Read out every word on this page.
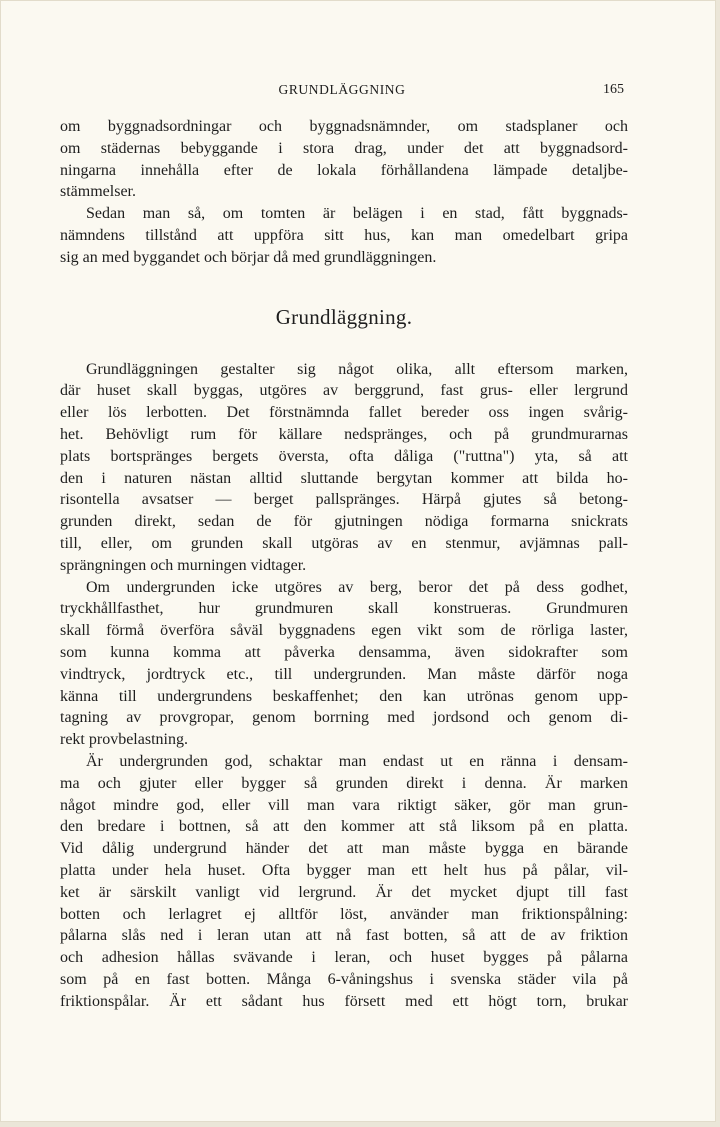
GRUNDLÄGGNING	165
om byggnadsordningar och byggnadsnämnder, om stadsplaner och
om städernas bebyggande i stora drag, under det att byggnadsord-
ningarna innehålla efter de lokala förhållandena lämpade detaljbe-
stämmelser.
Sedan man så, om tomten är belägen i en stad, fått byggnads-
nämndens tillstånd att uppföra sitt hus, kan man omedelbart gripa
sig an med byggandet och börjar då med grundläggningen.
Grundläggning.
Grundläggningen gestalter sig något olika, allt eftersom marken,
där huset skall byggas, utgöres av berggrund, fast grus- eller lergrund
eller lös lerbotten. Det förstnämnda fallet bereder oss ingen svårig-
het. Behövligt rum för källare nedspränges, och på grundmurarnas
plats bortspränges bergets översta, ofta dåliga ("ruttna") yta, så att
den i naturen nästan alltid sluttande bergytan kommer att bilda ho-
risontella avsatser — berget pallspränges. Härpå gjutes så betong-
grunden direkt, sedan de för gjutningen nödiga formarna snickrats
till, eller, om grunden skall utgöras av en stenmur, avjämnas pall-
sprängningen och murningen vidtager.
Om undergrunden icke utgöres av berg, beror det på dess godhet,
tryckhållfasthet, hur grundmuren skall konstrueras. Grundmuren
skall förmå överföra såväl byggnadens egen vikt som de rörliga laster,
som kunna komma att påverka densamma, även sidokrafter som
vindtryck, jordtryck etc., till undergrunden. Man måste därför noga
känna till undergrundens beskaffenhet; den kan utrönas genom upp-
tagning av provgropar, genom borrning med jordsond och genom di-
rekt provbelastning.
Är undergrunden god, schaktar man endast ut en ränna i densam-
ma och gjuter eller bygger så grunden direkt i denna. Är marken
något mindre god, eller vill man vara riktigt säker, gör man grun-
den bredare i bottnen, så att den kommer att stå liksom på en platta.
Vid dålig undergrund händer det att man måste bygga en bärande
platta under hela huset. Ofta bygger man ett helt hus på pålar, vil-
ket är särskilt vanligt vid lergrund. Är det mycket djupt till fast
botten och lerlagret ej alltför löst, använder man friktionspålning:
pålarna slås ned i leran utan att nå fast botten, så att de av friktion
och adhesion hållas svävande i leran, och huset bygges på pålarna
som på en fast botten. Många 6-våningshus i svenska städer vila på
friktionspålar. Är ett sådant hus försett med ett högt torn, brukar
